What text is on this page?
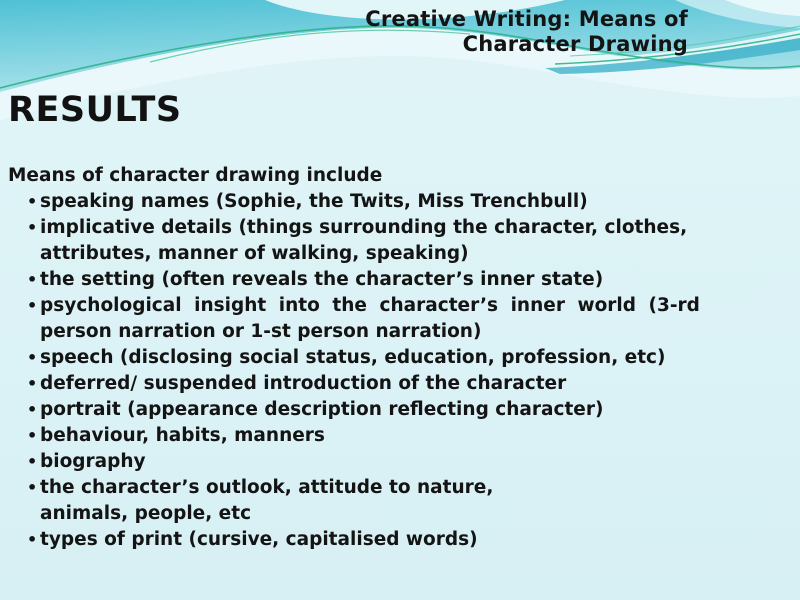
Creative Writing: Means of
Character Drawing
RESULTS
Means of character drawing include
• speaking names (Sophie, the Twits, Miss Trenchbull)
• implicative details (things surrounding the character, clothes,
attributes, manner of walking, speaking)
• the setting (often reveals the character’s inner state)
• psychological insight into the character’s inner world (3-rd
person narration or 1-st person narration)
• speech (disclosing social status, education, profession, etc)
• deferred/ suspended introduction of the character
• portrait (appearance description reflecting character)
• behaviour, habits, manners
• biography
• the character’s outlook, attitude to nature,
animals, people, etc
• types of print (cursive, capitalised words)
